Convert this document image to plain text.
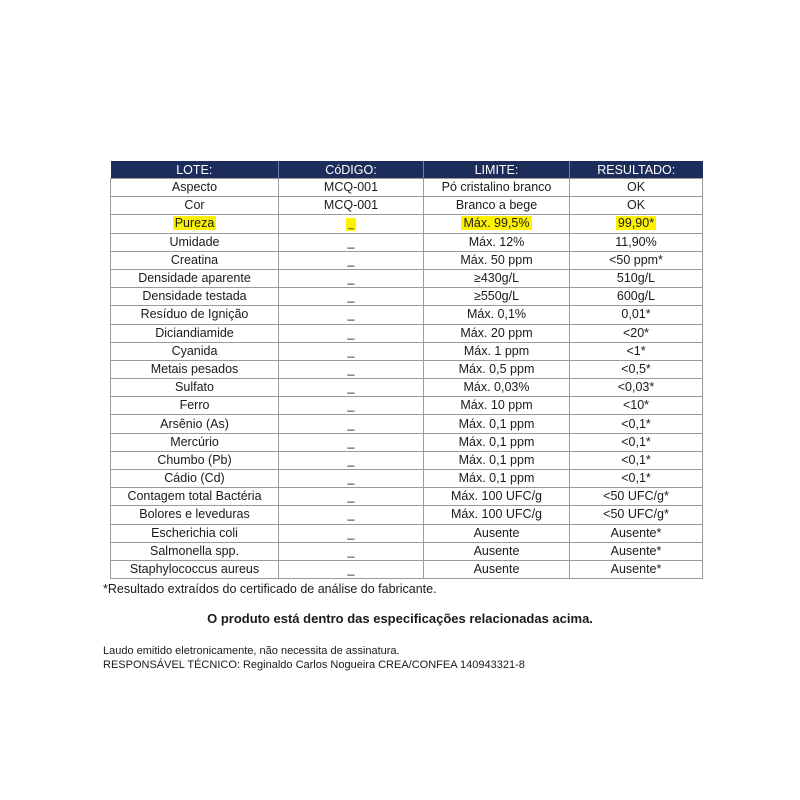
LOTE:	CóDIGO:	LIMITE:	RESULTADO:
Aspecto	MCQ-001	Pó cristalino branco	OK
Cor	MCQ-001	Branco a bege	OK
Pureza	_	Máx. 99,5%	99,90*
Umidade	_	Máx. 12%	11,90%
Creatina	_	Máx. 50 ppm	<50 ppm*
Densidade aparente	_	≥430g/L	510g/L
Densidade testada	_	≥550g/L	600g/L
Resíduo de Ignição	_	Máx. 0,1%	0,01*
Diciandiamide	_	Máx. 20 ppm	<20*
Cyanida	_	Máx. 1 ppm	<1*
Metais pesados	_	Máx. 0,5 ppm	<0,5*
Sulfato	_	Máx. 0,03%	<0,03*
Ferro	_	Máx. 10 ppm	<10*
Arsênio (As)	_	Máx. 0,1 ppm	<0,1*
Mercúrio	_	Máx. 0,1 ppm	<0,1*
Chumbo (Pb)	_	Máx. 0,1 ppm	<0,1*
Cádio (Cd)	_	Máx. 0,1 ppm	<0,1*
Contagem total Bactéria	_	Máx. 100 UFC/g	<50 UFC/g*
Bolores e leveduras	_	Máx. 100 UFC/g	<50 UFC/g*
Escherichia coli	_	Ausente	Ausente*
Salmonella spp.	_	Ausente	Ausente*
Staphylococcus aureus	_	Ausente	Ausente*
*Resultado extraídos do certificado de análise do fabricante.
O produto está dentro das especificações relacionadas acima.
Laudo emitido eletronicamente, não necessita de assinatura.
RESPONSÁVEL TÉCNICO: Reginaldo Carlos Nogueira CREA/CONFEA 140943321-8
